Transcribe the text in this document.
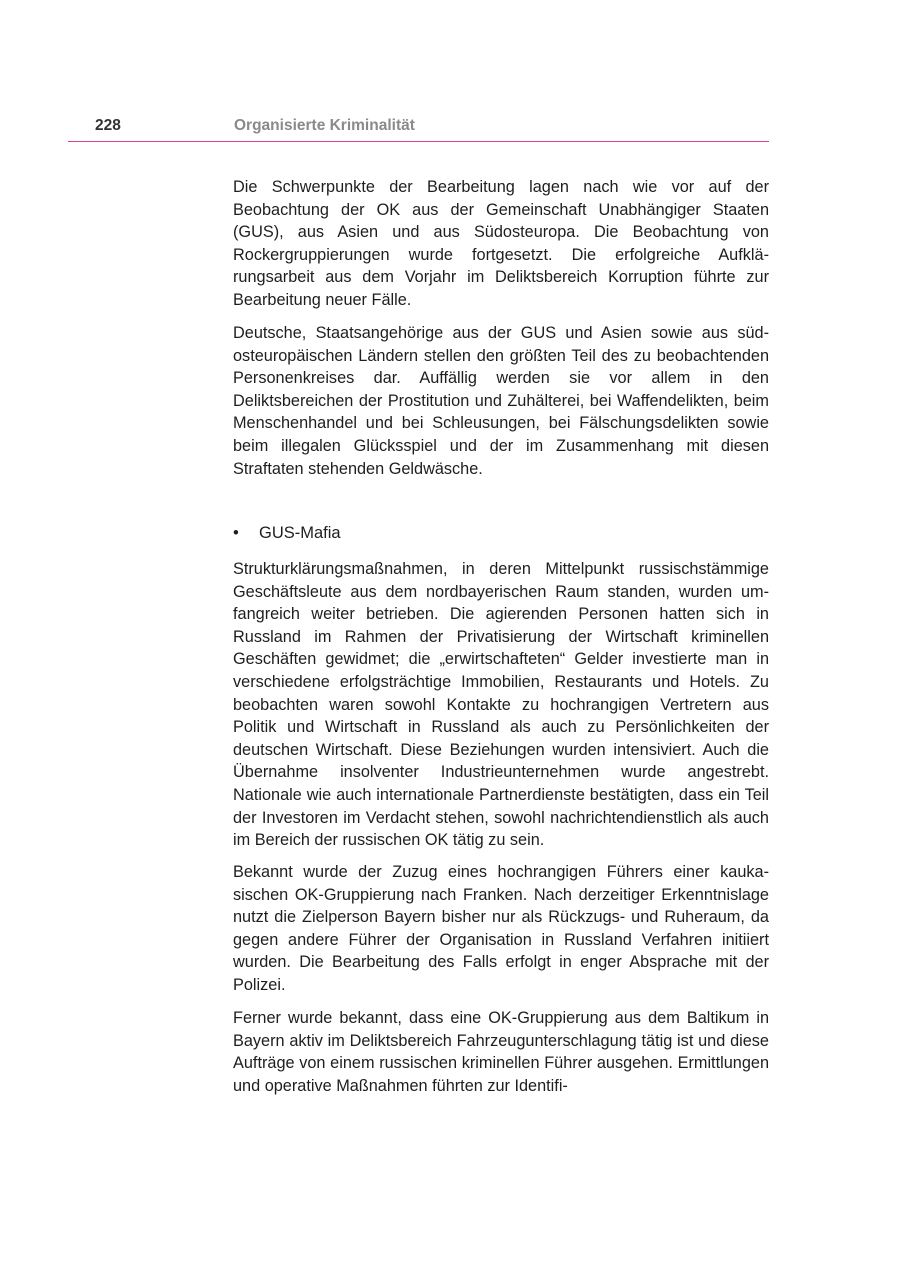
228	Organisierte Kriminalität

Die Schwerpunkte der Bearbeitung lagen nach wie vor auf der Beobachtung der OK aus der Gemeinschaft Unabhängiger Staaten (GUS), aus Asien und aus Südosteuropa. Die Beobachtung von Rockergruppierungen wurde fortgesetzt. Die erfolgreiche Aufklärungsarbeit aus dem Vorjahr im Deliktsbereich Korruption führte zur Bearbeitung neuer Fälle.

Deutsche, Staatsangehörige aus der GUS und Asien sowie aus südosteuropäischen Ländern stellen den größten Teil des zu beobachtenden Personenkreises dar. Auffällig werden sie vor allem in den Deliktsbereichen der Prostitution und Zuhälterei, bei Waffendelikten, beim Menschenhandel und bei Schleusungen, bei Fälschungsdelikten sowie beim illegalen Glücksspiel und der im Zusammenhang mit diesen Straftaten stehenden Geldwäsche.

• GUS-Mafia

Strukturklärungsmaßnahmen, in deren Mittelpunkt russischstämmige Geschäftsleute aus dem nordbayerischen Raum standen, wurden umfangreich weiter betrieben. Die agierenden Personen hatten sich in Russland im Rahmen der Privatisierung der Wirtschaft kriminellen Geschäften gewidmet; die „erwirtschafteten“ Gelder investierte man in verschiedene erfolgsträchtige Immobilien, Restaurants und Hotels. Zu beobachten waren sowohl Kontakte zu hochrangigen Vertretern aus Politik und Wirtschaft in Russland als auch zu Persönlichkeiten der deutschen Wirtschaft. Diese Beziehungen wurden intensiviert. Auch die Übernahme insolventer Industrieunternehmen wurde angestrebt. Nationale wie auch internationale Partnerdienste bestätigten, dass ein Teil der Investoren im Verdacht stehen, sowohl nachrichtendienstlich als auch im Bereich der russischen OK tätig zu sein.

Bekannt wurde der Zuzug eines hochrangigen Führers einer kaukasischen OK-Gruppierung nach Franken. Nach derzeitiger Erkenntnislage nutzt die Zielperson Bayern bisher nur als Rückzugs- und Ruheraum, da gegen andere Führer der Organisation in Russland Verfahren initiiert wurden. Die Bearbeitung des Falls erfolgt in enger Absprache mit der Polizei.

Ferner wurde bekannt, dass eine OK-Gruppierung aus dem Baltikum in Bayern aktiv im Deliktsbereich Fahrzeugunterschlagung tätig ist und diese Aufträge von einem russischen kriminellen Führer ausgehen. Ermittlungen und operative Maßnahmen führten zur Identifi-
